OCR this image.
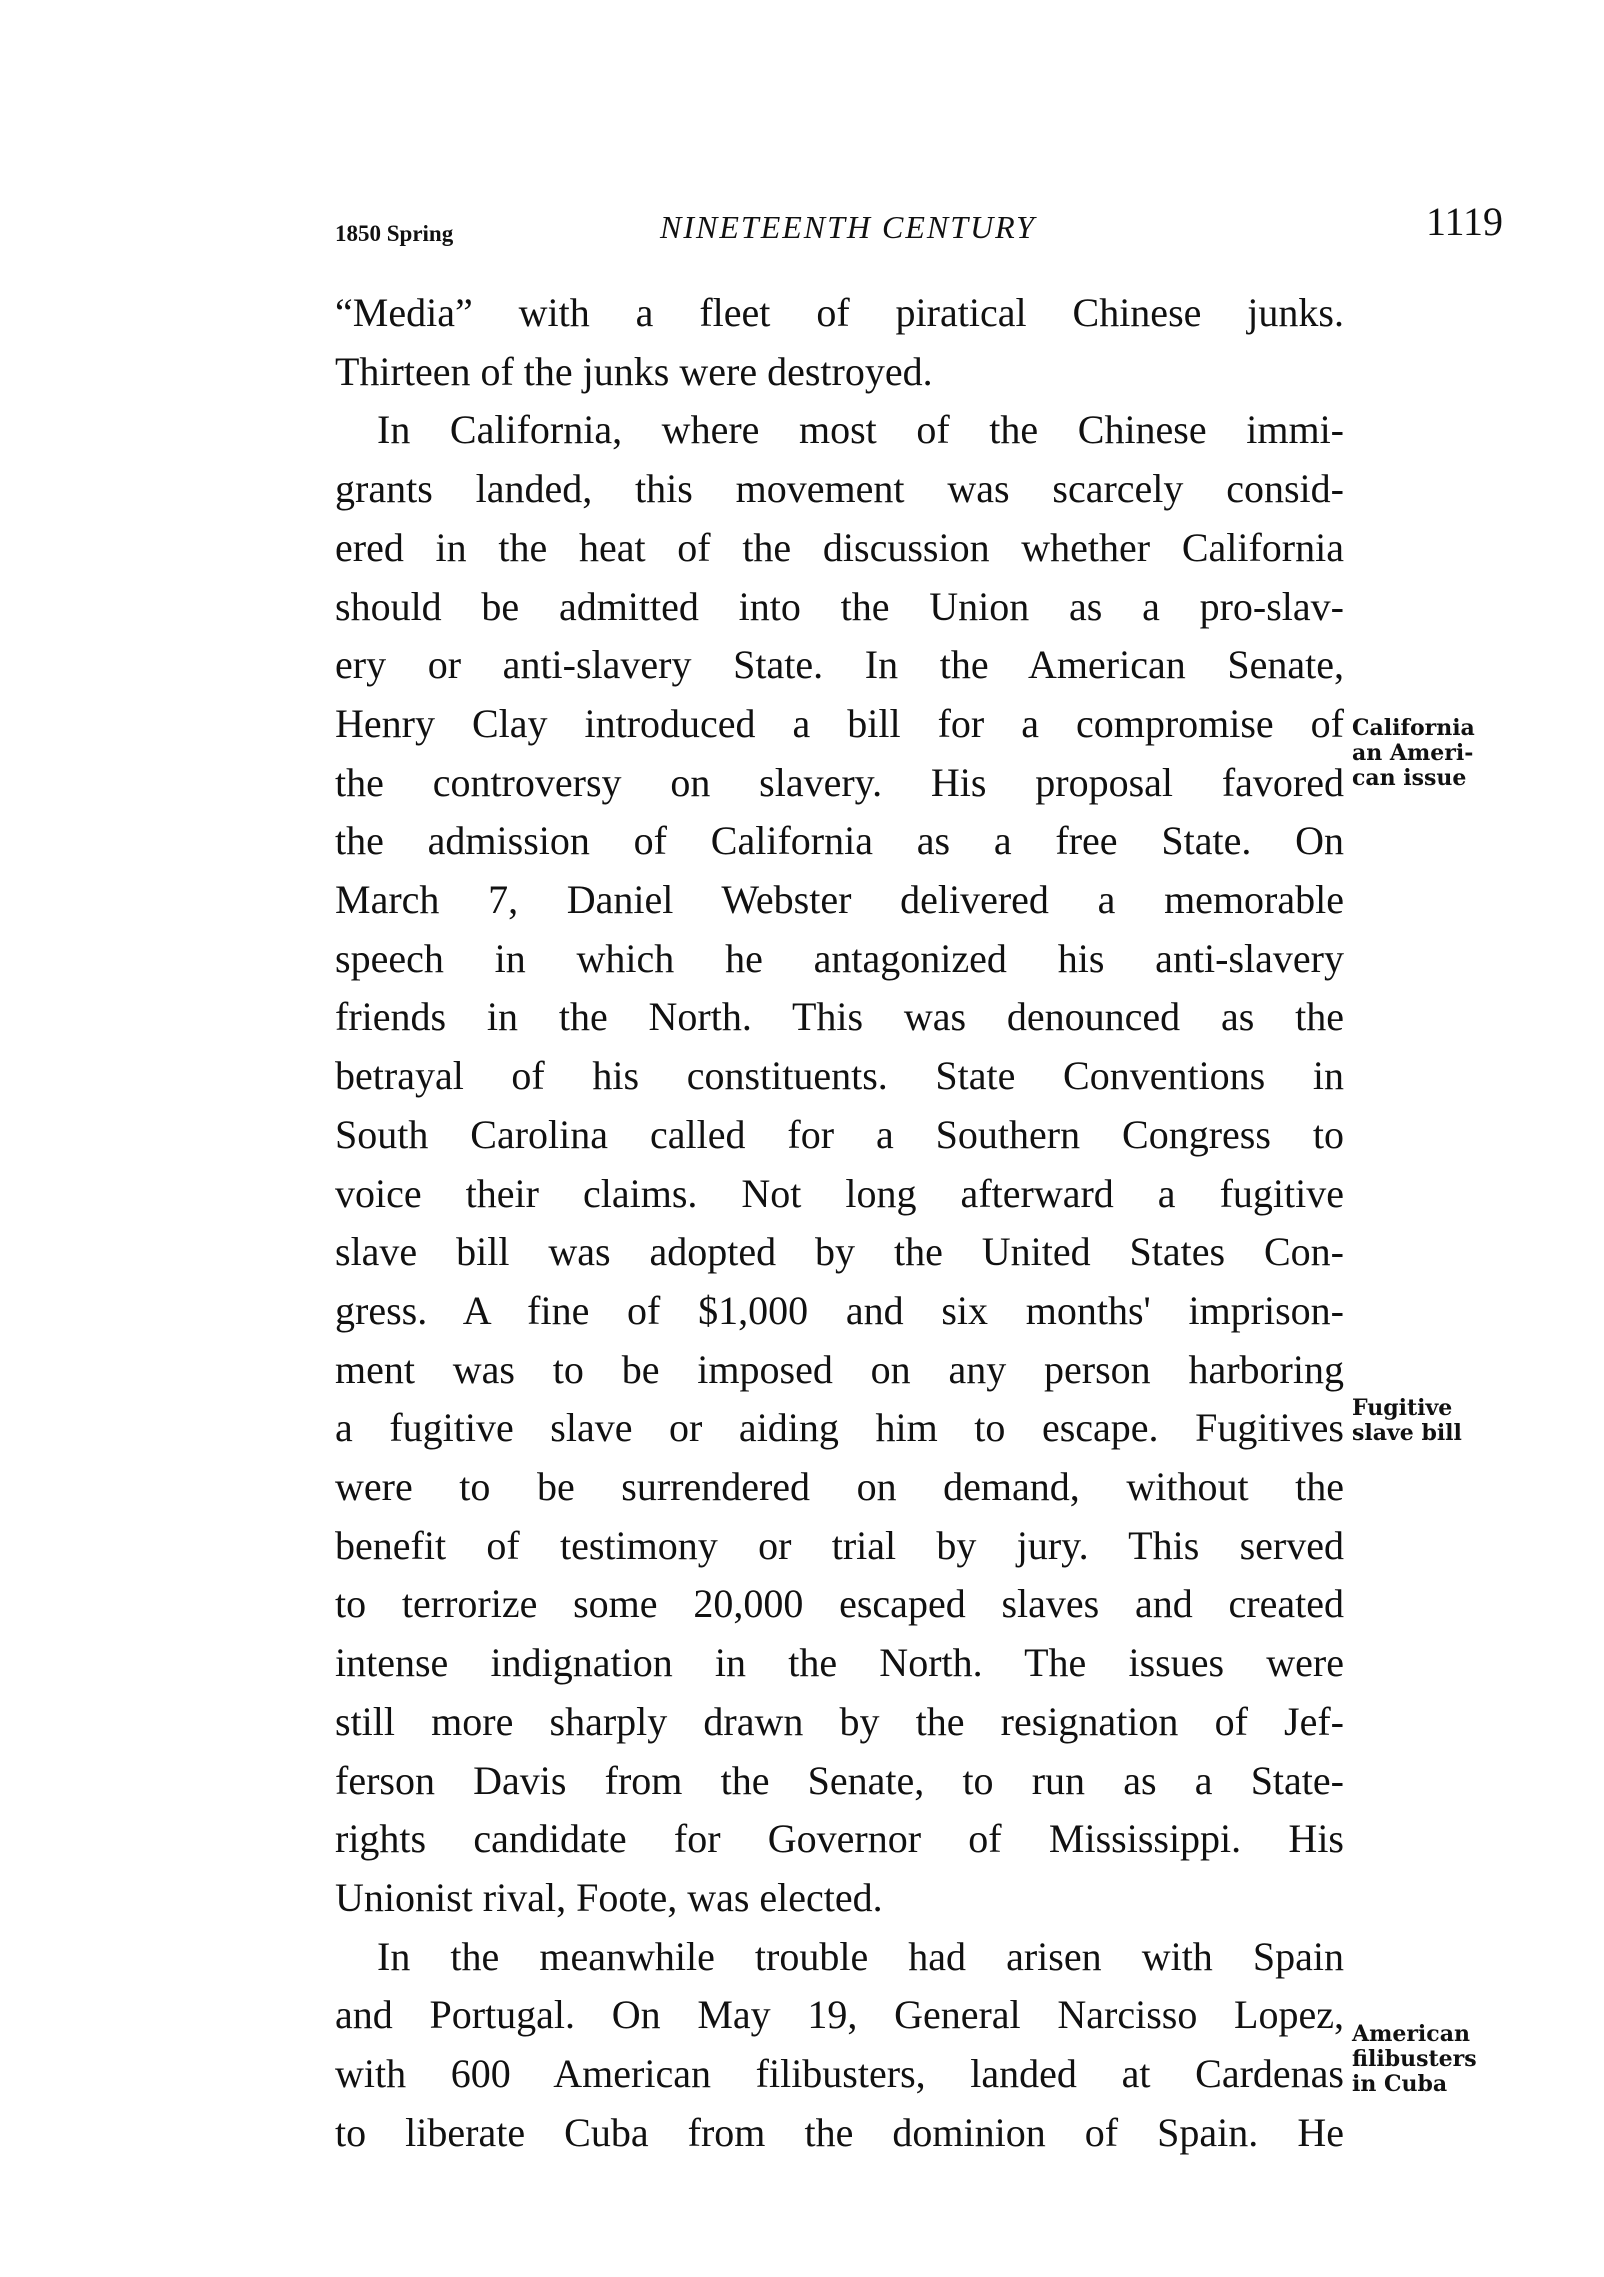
1850 Spring	NINETEENTH CENTURY	1119
“Media” with a fleet of piratical Chinese junks.
Thirteen of the junks were destroyed.
In California, where most of the Chinese immi-
grants landed, this movement was scarcely consid-
ered in the heat of the discussion whether California
should be admitted into the Union as a pro-slav-
ery or anti-slavery State. In the American Senate,
Henry Clay introduced a bill for a compromise of
the controversy on slavery. His proposal favored
the admission of California as a free State. On
March 7, Daniel Webster delivered a memorable
speech in which he antagonized his anti-slavery
friends in the North. This was denounced as the
betrayal of his constituents. State Conventions in
South Carolina called for a Southern Congress to
voice their claims. Not long afterward a fugitive
slave bill was adopted by the United States Con-
gress. A fine of $1,000 and six months' imprison-
ment was to be imposed on any person harboring
a fugitive slave or aiding him to escape. Fugitives
were to be surrendered on demand, without the
benefit of testimony or trial by jury. This served
to terrorize some 20,000 escaped slaves and created
intense indignation in the North. The issues were
still more sharply drawn by the resignation of Jef-
ferson Davis from the Senate, to run as a State-
rights candidate for Governor of Mississippi. His
Unionist rival, Foote, was elected.
In the meanwhile trouble had arisen with Spain
and Portugal. On May 19, General Narcisso Lopez,
with 600 American filibusters, landed at Cardenas
to liberate Cuba from the dominion of Spain. He
California
an Ameri-
can issue
Fugitive
slave bill
American
filibusters
in Cuba
